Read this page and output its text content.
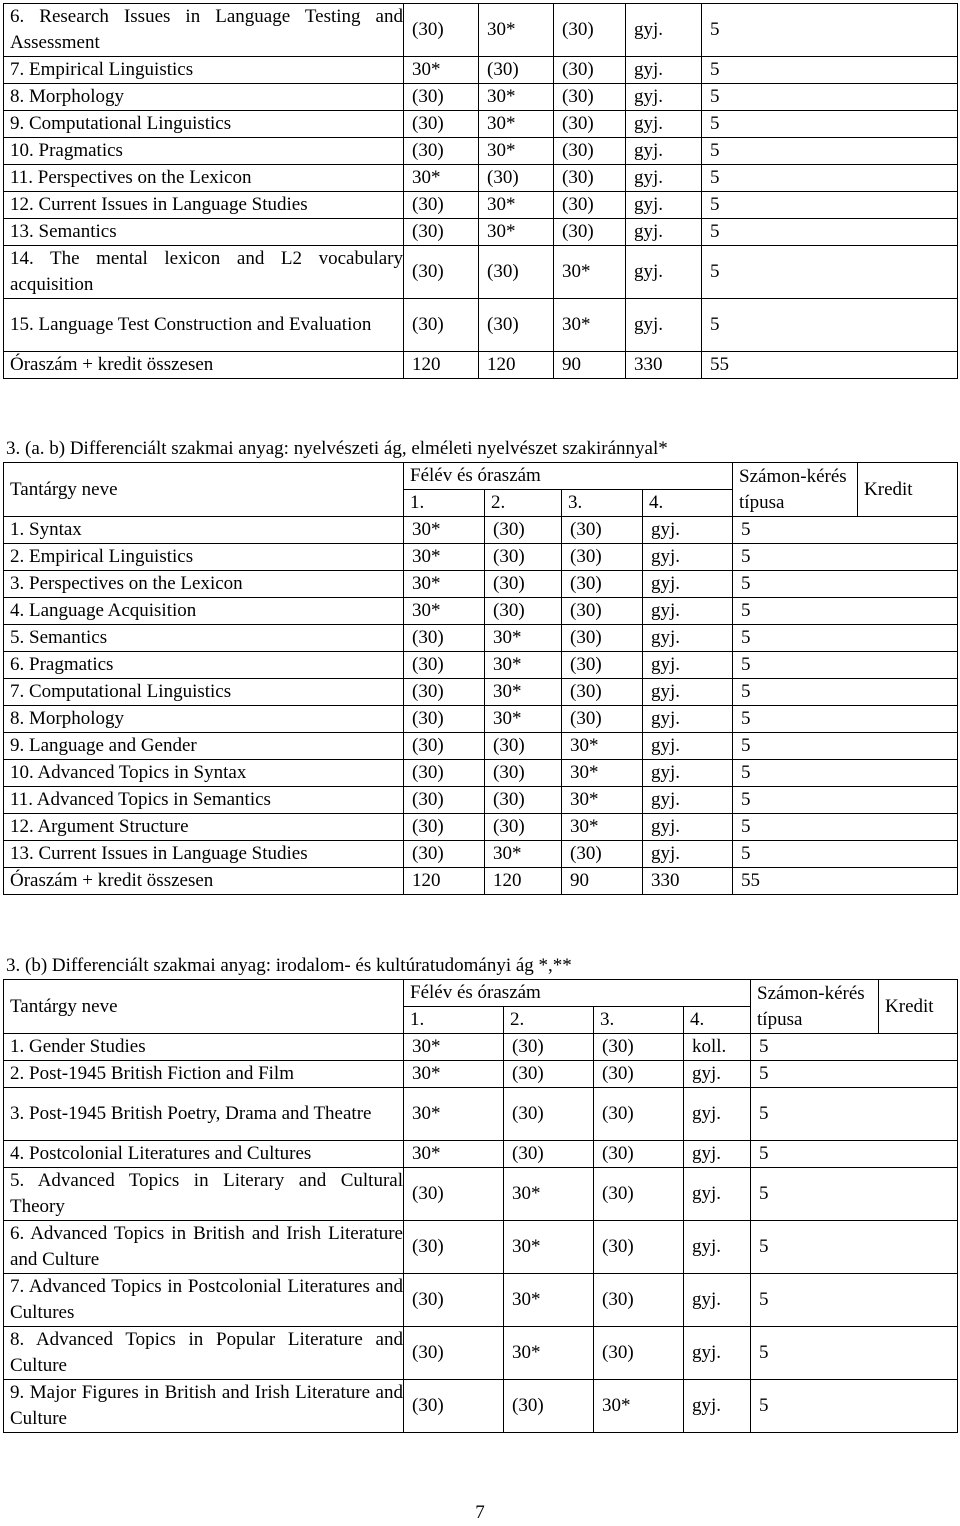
6. Research Issues in Language Testing and Assessment	(30)	30*	(30)	gyj.	5
7. Empirical Linguistics	30*	(30)	(30)	gyj.	5
8. Morphology	(30)	30*	(30)	gyj.	5
9. Computational Linguistics	(30)	30*	(30)	gyj.	5
10. Pragmatics	(30)	30*	(30)	gyj.	5
11. Perspectives on the Lexicon	30*	(30)	(30)	gyj.	5
12. Current Issues in Language Studies	(30)	30*	(30)	gyj.	5
13. Semantics	(30)	30*	(30)	gyj.	5
14. The mental lexicon and L2 vocabulary acquisition	(30)	(30)	30*	gyj.	5
15. Language Test Construction and Evaluation	(30)	(30)	30*	gyj.	5
Óraszám + kredit összesen	120	120	90	330	55
3. (a. b) Differenciált szakmai anyag: nyelvészeti ág, elméleti nyelvészet szakiránnyal*
Tantárgy neve	Félév és óraszám				Számon-kérés típusa	Kredit
	1.	2.	3.	4.		
1. Syntax	30*	(30)	(30)	gyj.	5	
2. Empirical Linguistics	30*	(30)	(30)	gyj.	5	
3. Perspectives on the Lexicon	30*	(30)	(30)	gyj.	5	
4. Language Acquisition	30*	(30)	(30)	gyj.	5	
5. Semantics	(30)	30*	(30)	gyj.	5	
6. Pragmatics	(30)	30*	(30)	gyj.	5	
7. Computational Linguistics	(30)	30*	(30)	gyj.	5	
8. Morphology	(30)	30*	(30)	gyj.	5	
9. Language and Gender	(30)	(30)	30*	gyj.	5	
10. Advanced Topics in Syntax	(30)	(30)	30*	gyj.	5	
11. Advanced Topics in Semantics	(30)	(30)	30*	gyj.	5	
12. Argument Structure	(30)	(30)	30*	gyj.	5	
13. Current Issues in Language Studies	(30)	30*	(30)	gyj.	5	
Óraszám + kredit összesen	120	120	90	330	55	
3. (b) Differenciált szakmai anyag: irodalom- és kultúratudományi ág *,**
Tantárgy neve	Félév és óraszám				Számon-kérés típusa	Kredit
	1.	2.	3.	4.		
1. Gender Studies	30*	(30)	(30)	koll.	5	
2. Post-1945 British Fiction and Film	30*	(30)	(30)	gyj.	5	
3. Post-1945 British Poetry, Drama and Theatre	30*	(30)	(30)	gyj.	5	
4. Postcolonial Literatures and Cultures	30*	(30)	(30)	gyj.	5	
5. Advanced Topics in Literary and Cultural Theory	(30)	30*	(30)	gyj.	5	
6. Advanced Topics in British and Irish Literature and Culture	(30)	30*	(30)	gyj.	5	
7. Advanced Topics in Postcolonial Literatures and Cultures	(30)	30*	(30)	gyj.	5	
8. Advanced Topics in Popular Literature and Culture	(30)	30*	(30)	gyj.	5	
9. Major Figures in British and Irish Literature and Culture	(30)	(30)	30*	gyj.	5	
7
